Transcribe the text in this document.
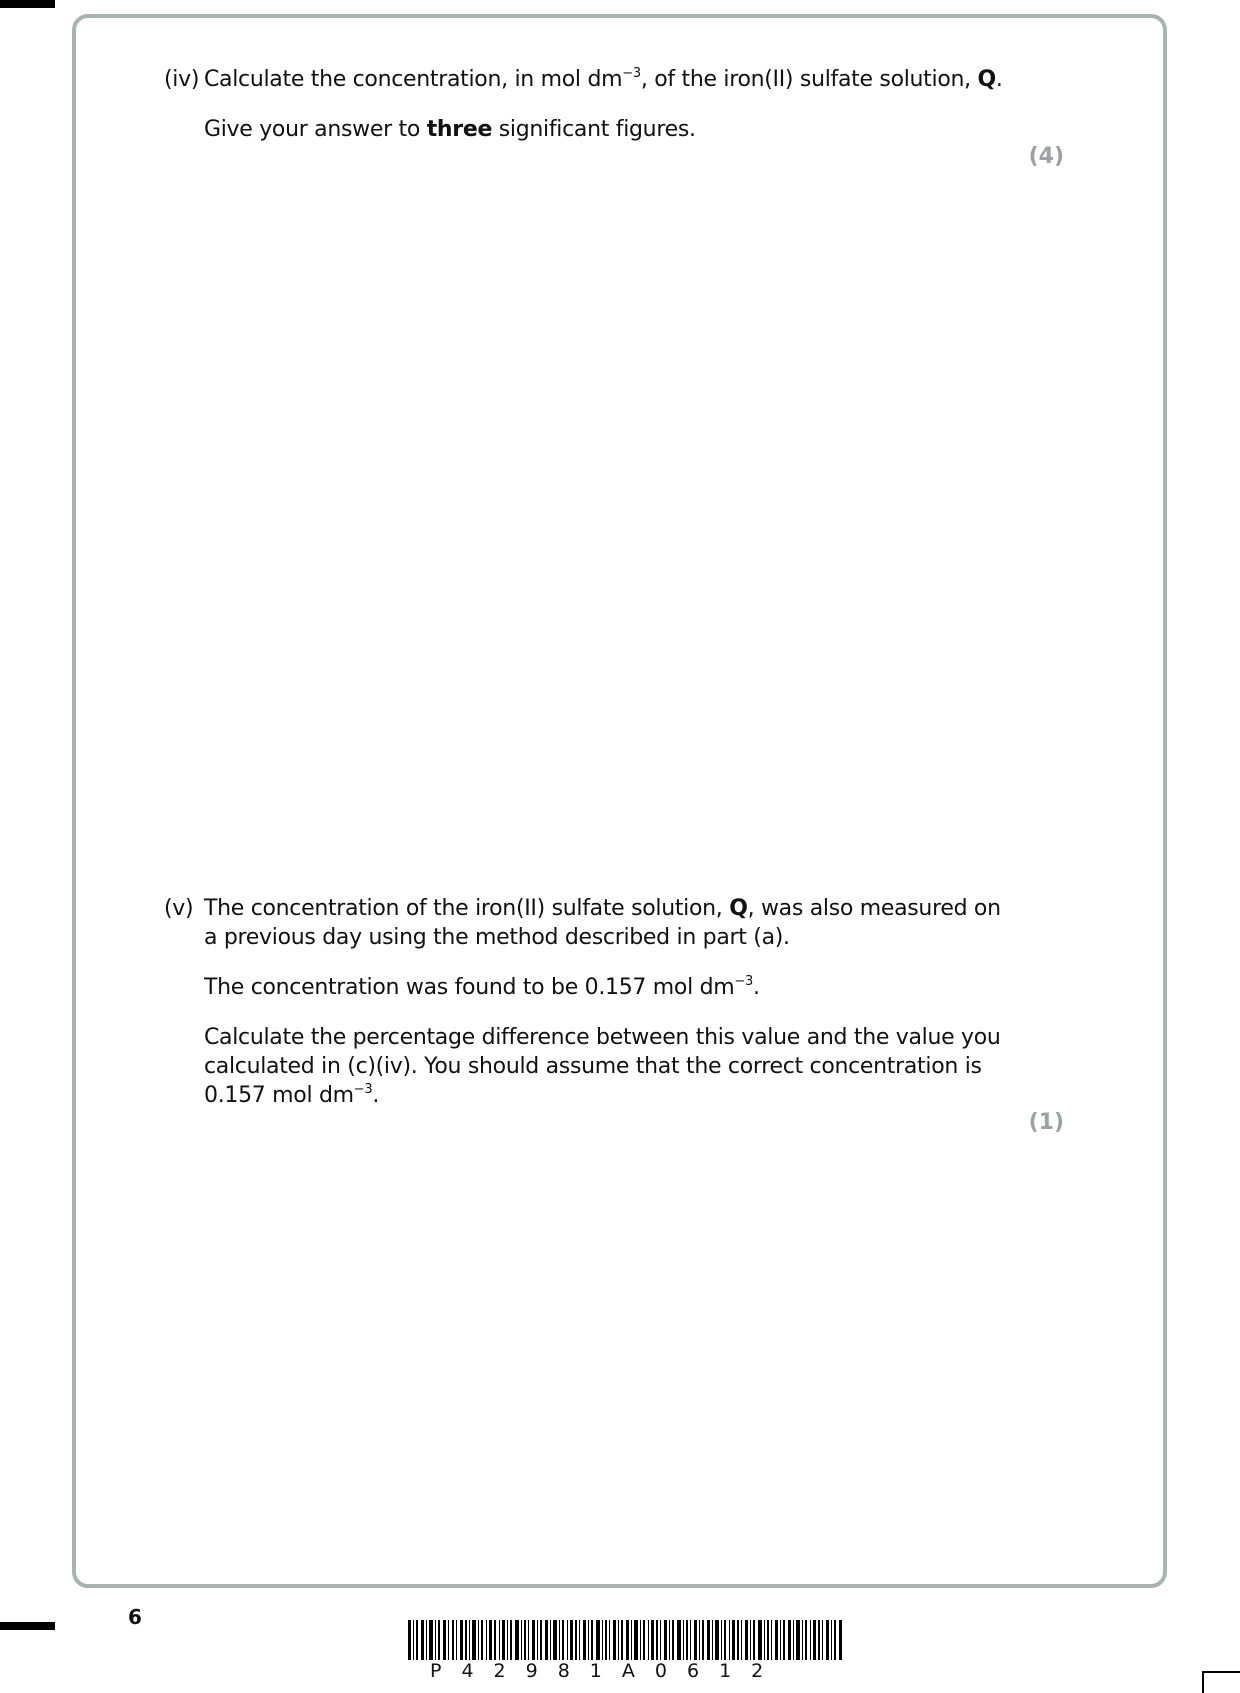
(iv) Calculate the concentration, in mol $dm^{-3}$, of the iron(II) sulfate solution, Q.
Give your answer to three significant figures.
(4)
(v) The concentration of the iron(II) sulfate solution, Q, was also measured on a previous day using the method described in part (a).
The concentration was found to be 0.157 mol $dm^{-3}$.
Calculate the percentage difference between this value and the value you calculated in (c)(iv). You should assume that the correct concentration is 0.157 mol $dm^{-3}$.
(1)
6
P42981A0612
